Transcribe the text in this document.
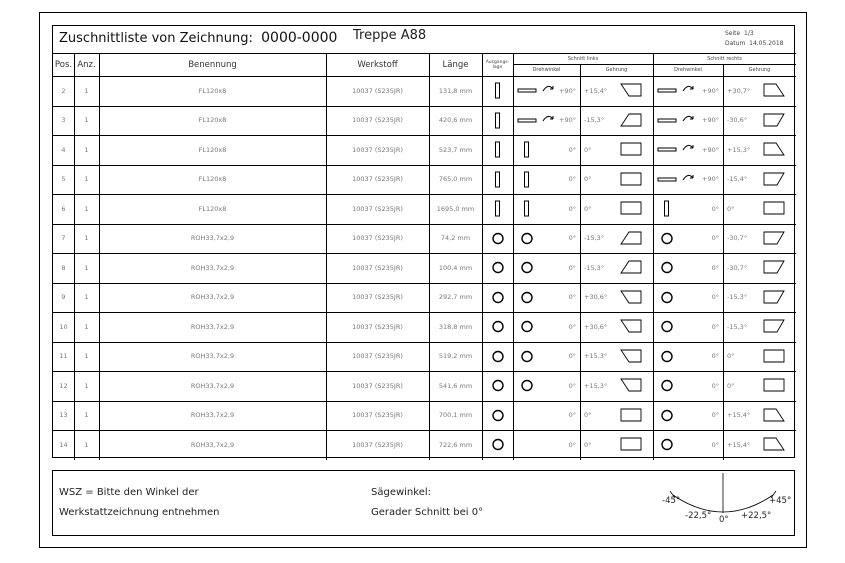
Zuschnittliste von Zeichnung:
0000-0000 Treppe A88	Seite
1/3
Datum
14.05.2018
Pos. Anz.	Benennung	Werkstoff	Länge	Ausgangs-lage
Schnitt links	Schnitt rechts
Drehwinkel	Gehrung	Drehwinkel	Gehrung
2	1	FL120x8	10037 (S235JR)	131,8 mm	+90° +15,4°	+90° +30,7°
3	1	FL120x8	10037 (S235JR)	420,6 mm	+90° -15,3°	+90° -30,6°
4	1	FL120x8	10037 (S235JR)	523,7 mm	0° 0°	+90° +15,3°
5	1	FL120x8	10037 (S235JR)	765,0 mm	0° 0°	+90° -15,4°
6	1	FL120x8	10037 (S235JR)	1695,0 mm	0° 0°	0° 0°
7	1	ROH33,7x2,9	10037 (S235JR)	74,2 mm	0° -15,3°	0° -30,7°
8	1	ROH33,7x2,9	10037 (S235JR)	100,4 mm	0° -15,3°	0° -30,7°
9	1	ROH33,7x2,9	10037 (S235JR)	292,7 mm	0° +30,6°	0° -15,3°
10	1	ROH33,7x2,9	10037 (S235JR)	318,8 mm	0° +30,6°	0° -15,3°
11	1	ROH33,7x2,9	10037 (S235JR)	519,2 mm	0° +15,3°	0° 0°
12	1	ROH33,7x2,9	10037 (S235JR)	541,6 mm	0° +15,3°	0° 0°
13	1	ROH33,7x2,9	10037 (S235JR)	700,1 mm	0° 0°	0° +15,4°
14	1	ROH33,7x2,9	10037 (S235JR)	722,6 mm	0° 0°	0° +15,4°
WSZ = Bitte den Winkel der
Werkstattzeichnung entnehmen
Sägewinkel:
Gerader Schnitt bei 0°
-45°
-22,5° 0° +22,5°
+45°
